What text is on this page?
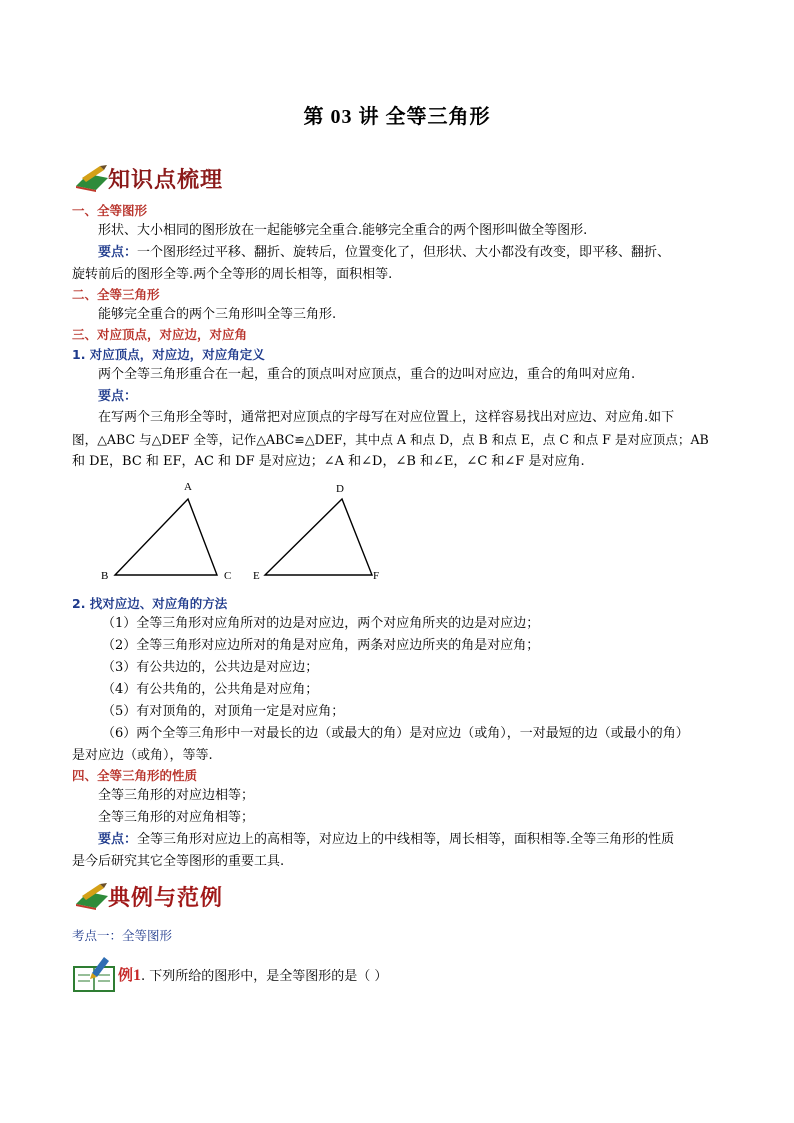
第 03 讲 全等三角形
知识点梳理
一、全等图形
形状、大小相同的图形放在一起能够完全重合.能够完全重合的两个图形叫做全等图形.
要点：一个图形经过平移、翻折、旋转后，位置变化了，但形状、大小都没有改变，即平移、翻折、
旋转前后的图形全等.两个全等形的周长相等，面积相等.
二、全等三角形
能够完全重合的两个三角形叫全等三角形.
三、对应顶点，对应边，对应角
1. 对应顶点，对应边，对应角定义
两个全等三角形重合在一起，重合的顶点叫对应顶点，重合的边叫对应边，重合的角叫对应角.
要点：
在写两个三角形全等时，通常把对应顶点的字母写在对应位置上，这样容易找出对应边、对应角.如下
图，△ABC 与△DEF 全等，记作△ABC≌△DEF，其中点 A 和点 D，点 B 和点 E，点 C 和点 F 是对应顶点；AB
和 DE，BC 和 EF，AC 和 DF 是对应边；∠A 和∠D，∠B 和∠E，∠C 和∠F 是对应角.
A
B	C
D
E	F
2. 找对应边、对应角的方法
（1）全等三角形对应角所对的边是对应边，两个对应角所夹的边是对应边；
（2）全等三角形对应边所对的角是对应角，两条对应边所夹的角是对应角；
（3）有公共边的，公共边是对应边；
（4）有公共角的，公共角是对应角；
（5）有对顶角的，对顶角一定是对应角；
（6）两个全等三角形中一对最长的边（或最大的角）是对应边（或角），一对最短的边（或最小的角）
是对应边（或角），等等.
四、全等三角形的性质
全等三角形的对应边相等；
全等三角形的对应角相等；
要点：全等三角形对应边上的高相等，对应边上的中线相等，周长相等，面积相等.全等三角形的性质
是今后研究其它全等图形的重要工具.
典例与范例
考点一：全等图形
例1. 下列所给的图形中，是全等图形的是（ ）
